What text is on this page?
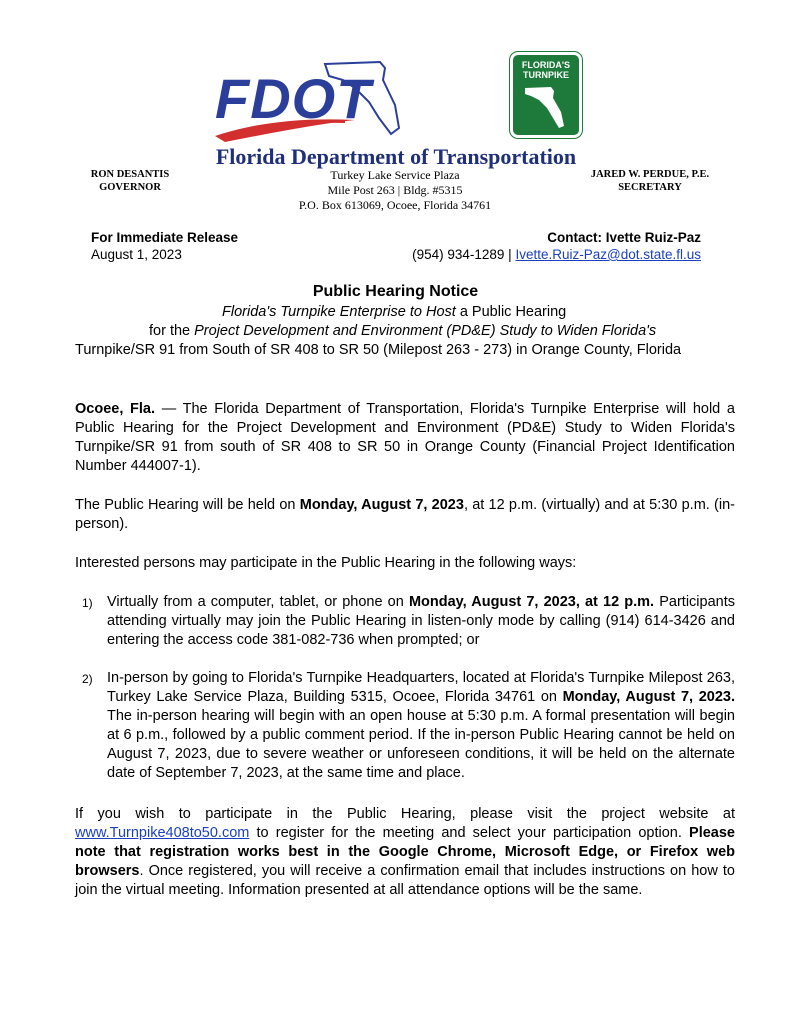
FDOT
FLORIDA'S
TURNPIKE
Florida Department of Transportation
RON DESANTIS
GOVERNOR
JARED W. PERDUE, P.E.
SECRETARY
Turkey Lake Service Plaza
Mile Post 263 | Bldg. #5315
P.O. Box 613069, Ocoee, Florida 34761
For Immediate Release
August 1, 2023
Contact: Ivette Ruiz-Paz
(954) 934-1289 | Ivette.Ruiz-Paz@dot.state.fl.us
Public Hearing Notice
Florida's Turnpike Enterprise to Host a Public Hearing
for the Project Development and Environment (PD&E) Study to Widen Florida's
Turnpike/SR 91 from South of SR 408 to SR 50 (Milepost 263 - 273) in Orange County, Florida
Ocoee, Fla. — The Florida Department of Transportation, Florida's Turnpike Enterprise will hold a Public Hearing for the Project Development and Environment (PD&E) Study to Widen Florida's Turnpike/SR 91 from south of SR 408 to SR 50 in Orange County (Financial Project Identification Number 444007-1).
The Public Hearing will be held on Monday, August 7, 2023, at 12 p.m. (virtually) and at 5:30 p.m. (in-person).
Interested persons may participate in the Public Hearing in the following ways:
1) Virtually from a computer, tablet, or phone on Monday, August 7, 2023, at 12 p.m. Participants attending virtually may join the Public Hearing in listen-only mode by calling (914) 614-3426 and entering the access code 381-082-736 when prompted; or
2) In-person by going to Florida's Turnpike Headquarters, located at Florida's Turnpike Milepost 263, Turkey Lake Service Plaza, Building 5315, Ocoee, Florida 34761 on Monday, August 7, 2023. The in-person hearing will begin with an open house at 5:30 p.m. A formal presentation will begin at 6 p.m., followed by a public comment period. If the in-person Public Hearing cannot be held on August 7, 2023, due to severe weather or unforeseen conditions, it will be held on the alternate date of September 7, 2023, at the same time and place.
If you wish to participate in the Public Hearing, please visit the project website at www.Turnpike408to50.com to register for the meeting and select your participation option. Please note that registration works best in the Google Chrome, Microsoft Edge, or Firefox web browsers. Once registered, you will receive a confirmation email that includes instructions on how to join the virtual meeting. Information presented at all attendance options will be the same.
